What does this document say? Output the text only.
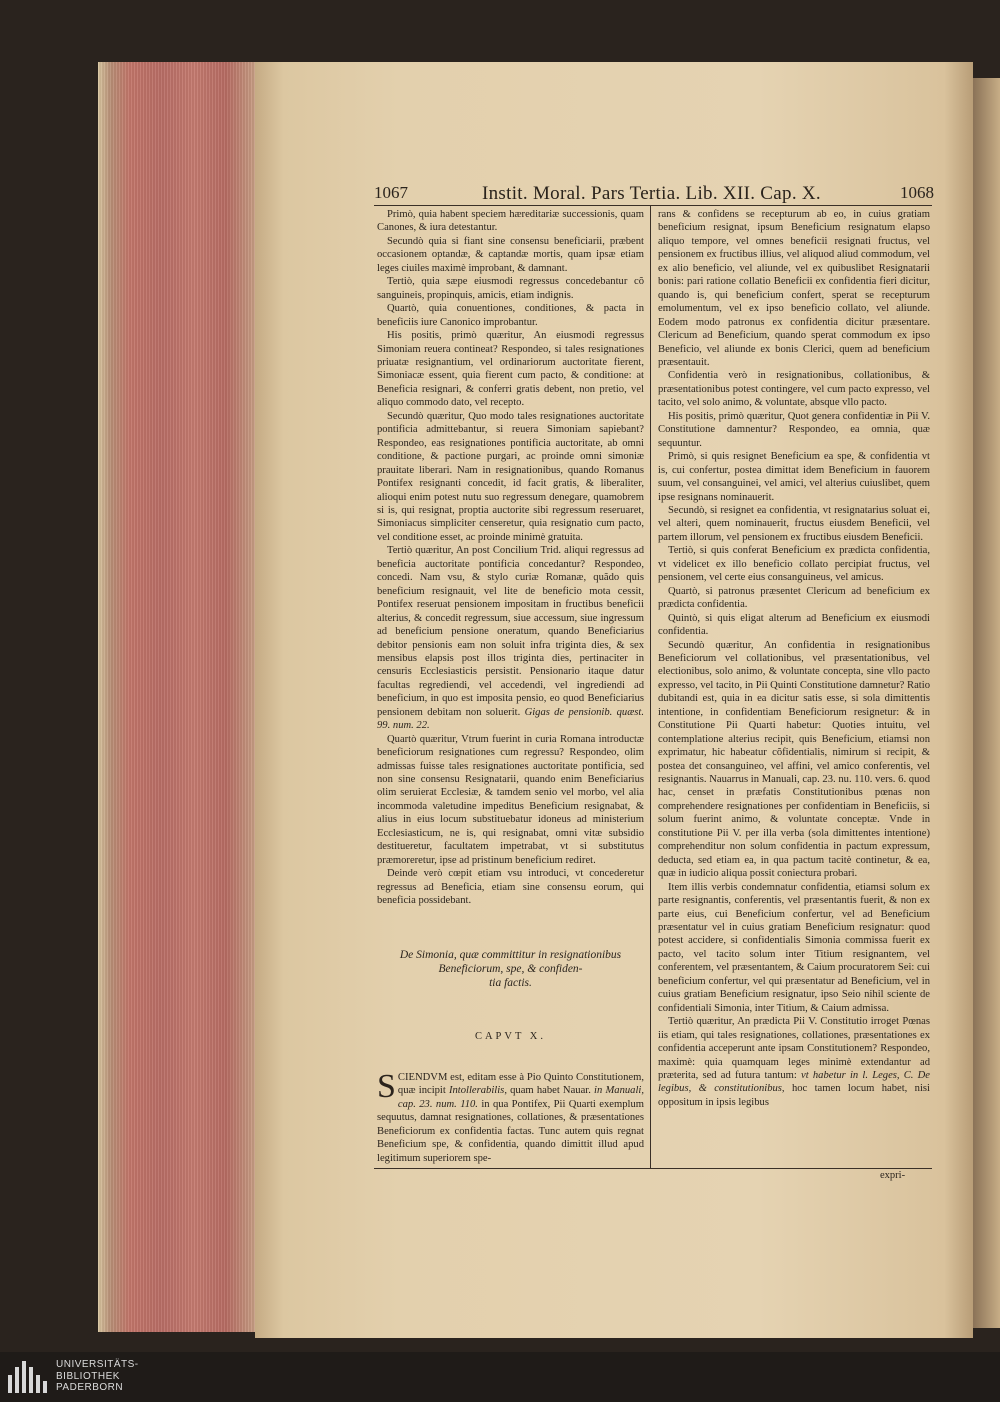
1067	Instit. Moral. Pars Tertia. Lib. XII. Cap. X.	1068

Primò, quia habent speciem hæreditariæ successionis, quam Canones, & iura detestantur.

Secundò quia si fiant sine consensu beneficiarii, præbent occasionem optandæ, & captandæ mortis, quam ipsæ etiam leges ciuiles maximè improbant, & damnant.

Tertiò, quia sæpe eiusmodi regressus concedebantur cõ sanguineis, propinquis, amicis, etiam indignis.

Quartò, quia conuentiones, conditiones, & pacta in beneficiis iure Canonico improbantur.

His positis, primò quæritur, An eiusmodi regressus Simoniam reuera contineat? Respondeo, si tales resignationes priuatæ resignantium, vel ordinariorum auctoritate fierent, Simoniacæ essent, quia fierent cum pacto, & conditione: at Beneficia resignari, & conferri gratis debent, non pretio, vel aliquo commodo dato, vel recepto.

Secundò quæritur, Quo modo tales resignationes auctoritate pontificia admittebantur, si reuera Simoniam sapiebant? Respondeo, eas resignationes pontificia auctoritate, ab omni conditione, & pactione purgari, ac proinde omni simoniæ prauitate liberari. Nam in resignationibus, quando Romanus Pontifex resignanti concedit, id facit gratis, & liberaliter, alioqui enim potest nutu suo regressum denegare, quamobrem si is, qui resignat, proptia auctorite sibi regressum reseruaret, Simoniacus simpliciter censeretur, quia resignatio cum pacto, vel conditione esset, ac proinde minimè gratuita.

Tertiò quæritur, An post Concilium Trid. aliqui regressus ad beneficia auctoritate pontificia concedantur? Respondeo, concedi. Nam vsu, & stylo curiæ Romanæ, quãdo quis beneficium resignauit, vel lite de beneficio mota cessit, Pontifex reseruat pensionem impositam in fructibus beneficii alterius, & concedit regressum, siue accessum, siue ingressum ad beneficium pensione oneratum, quando Beneficiarius debitor pensionis eam non soluit infra triginta dies, & sex mensibus elapsis post illos triginta dies, pertinaciter in censuris Ecclesiasticis persistit. Pensionario itaque datur facultas regrediendi, vel accedendi, vel ingrediendi ad beneficium, in quo est imposita pensio, eo quod Beneficiarius pensionem debitam non soluerit. Gigas de pensionib. quæst. 99. num. 22.

Quartò quæritur, Vtrum fuerint in curia Romana introductæ beneficiorum resignationes cum regressu? Respondeo, olim admissas fuisse tales resignationes auctoritate pontificia, sed non sine consensu Resignatarii, quando enim Beneficiarius olim seruierat Ecclesiæ, & tamdem senio vel morbo, vel alia incommoda valetudine impeditus Beneficium resignabat, & alius in eius locum substituebatur idoneus ad ministerium Ecclesiasticum, ne is, qui resignabat, omni vitæ subsidio destitueretur, facultatem impetrabat, vt si substitutus præmoreretur, ipse ad pristinum beneficium rediret.

Deinde verò cœpit etiam vsu introduci, vt concederetur regressus ad Beneficia, etiam sine consensu eorum, qui beneficia possidebant.

De Simonia, quæ committitur in resignationibus
Beneficiorum, spe, & confiden-
tia factis.
CAPVT X.

SCIENDVM est, editam esse à Pio Quinto Constitutionem, quæ incipit Intollerabilis, quam habet Nauar. in Manuali, cap. 23. num. 110. in qua Pontifex, Pii Quarti exemplum sequutus, damnat resignationes, collationes, & præsentationes Beneficiorum ex confidentia factas. Tunc autem quis regnat Beneficium spe, & confidentia, quando dimittit illud apud legitimum superiorem spe-

rans & confidens se recepturum ab eo, in cuius gratiam beneficium resignat, ipsum Beneficium resignatum elapso aliquo tempore, vel omnes beneficii resignati fructus, vel pensionem ex fructibus illius, vel aliquod aliud commodum, vel ex alio beneficio, vel aliunde, vel ex quibuslibet Resignatarii bonis: pari ratione collatio Beneficii ex confidentia fieri dicitur, quando is, qui beneficium confert, sperat se recepturum emolumentum, vel ex ipso beneficio collato, vel aliunde. Eodem modo patronus ex confidentia dicitur præsentare. Clericum ad Beneficium, quando sperat commodum ex ipso Beneficio, vel aliunde ex bonis Clerici, quem ad beneficium præsentauit.

Confidentia verò in resignationibus, collationibus, & præsentationibus potest contingere, vel cum pacto expresso, vel tacito, vel solo animo, & voluntate, absque vllo pacto.

His positis, primò quæritur, Quot genera confidentiæ in Pii V. Constitutione damnentur? Respondeo, ea omnia, quæ sequuntur.

Primò, si quis resignet Beneficium ea spe, & confidentia vt is, cui confertur, postea dimittat idem Beneficium in fauorem suum, vel consanguinei, vel amici, vel alterius cuiuslibet, quem ipse resignans nominauerit.

Secundò, si resignet ea confidentia, vt resignatarius soluat ei, vel alteri, quem nominauerit, fructus eiusdem Beneficii, vel partem illorum, vel pensionem ex fructibus eiusdem Beneficii.

Tertiò, si quis conferat Beneficium ex prædicta confidentia, vt videlicet ex illo beneficio collato percipiat fructus, vel pensionem, vel certe eius consanguineus, vel amicus.

Quartò, si patronus præsentet Clericum ad beneficium ex prædicta confidentia.

Quintò, si quis eligat alterum ad Beneficium ex eiusmodi confidentia.

Secundò quæritur, An confidentia in resignationibus Beneficiorum vel collationibus, vel præsentationibus, vel electionibus, solo animo, & voluntate concepta, sine vllo pacto expresso, vel tacito, in Pii Quinti Constitutione damnetur? Ratio dubitandi est, quia in ea dicitur satis esse, si sola dimittentis intentione, in confidentiam Beneficiorum resignetur: & in Constitutione Pii Quarti habetur: Quoties intuitu, vel contemplatione alterius recipit, quis Beneficium, etiamsi non exprimatur, hic habeatur cõfidentialis, nimirum si recipit, & postea det consanguineo, vel affini, vel amico conferentis, vel resignantis. Nauarrus in Manuali, cap. 23. nu. 110. vers. 6. quod hac, censet in præfatis Constitutionibus pœnas non comprehendere resignationes per confidentiam in Beneficiis, si solum fuerint animo, & voluntate conceptæ. Vnde in constitutione Pii V. per illa verba (sola dimittentes intentione) comprehenditur non solum confidentia in pactum expressum, deducta, sed etiam ea, in qua pactum tacitè continetur, & ea, quæ in iudicio aliqua possit coniectura probari.

Item illis verbis condemnatur confidentia, etiamsi solum ex parte resignantis, conferentis, vel præsentantis fuerit, & non ex parte eius, cui Beneficium confertur, vel ad Beneficium præsentatur vel in cuius gratiam Beneficium resignatur: quod potest accidere, si confidentialis Simonia commissa fuerit ex pacto, vel tacito solum inter Titium resignantem, vel conferentem, vel præsentantem, & Caium procuratorem Sei: cui beneficium confertur, vel qui præsentatur ad Beneficium, vel in cuius gratiam Beneficium resignatur, ipso Seio nihil sciente de confidentiali Simonia, inter Titium, & Caium admissa.

Tertiò quæritur, An prædicta Pii V. Constitutio irroget Pœnas iis etiam, qui tales resignationes, collationes, præsentationes ex confidentia acceperunt ante ipsam Constitutionem? Respondeo, maximè: quia quamquam leges minimè extendantur ad præterita, sed ad futura tantum: vt habetur in l. Leges, C. De legibus, & constitutionibus, hoc tamen locum habet, nisi oppositum in ipsis legibus

expri-
UNIVERSITÄTS-
BIBLIOTHEK
PADERBORN
